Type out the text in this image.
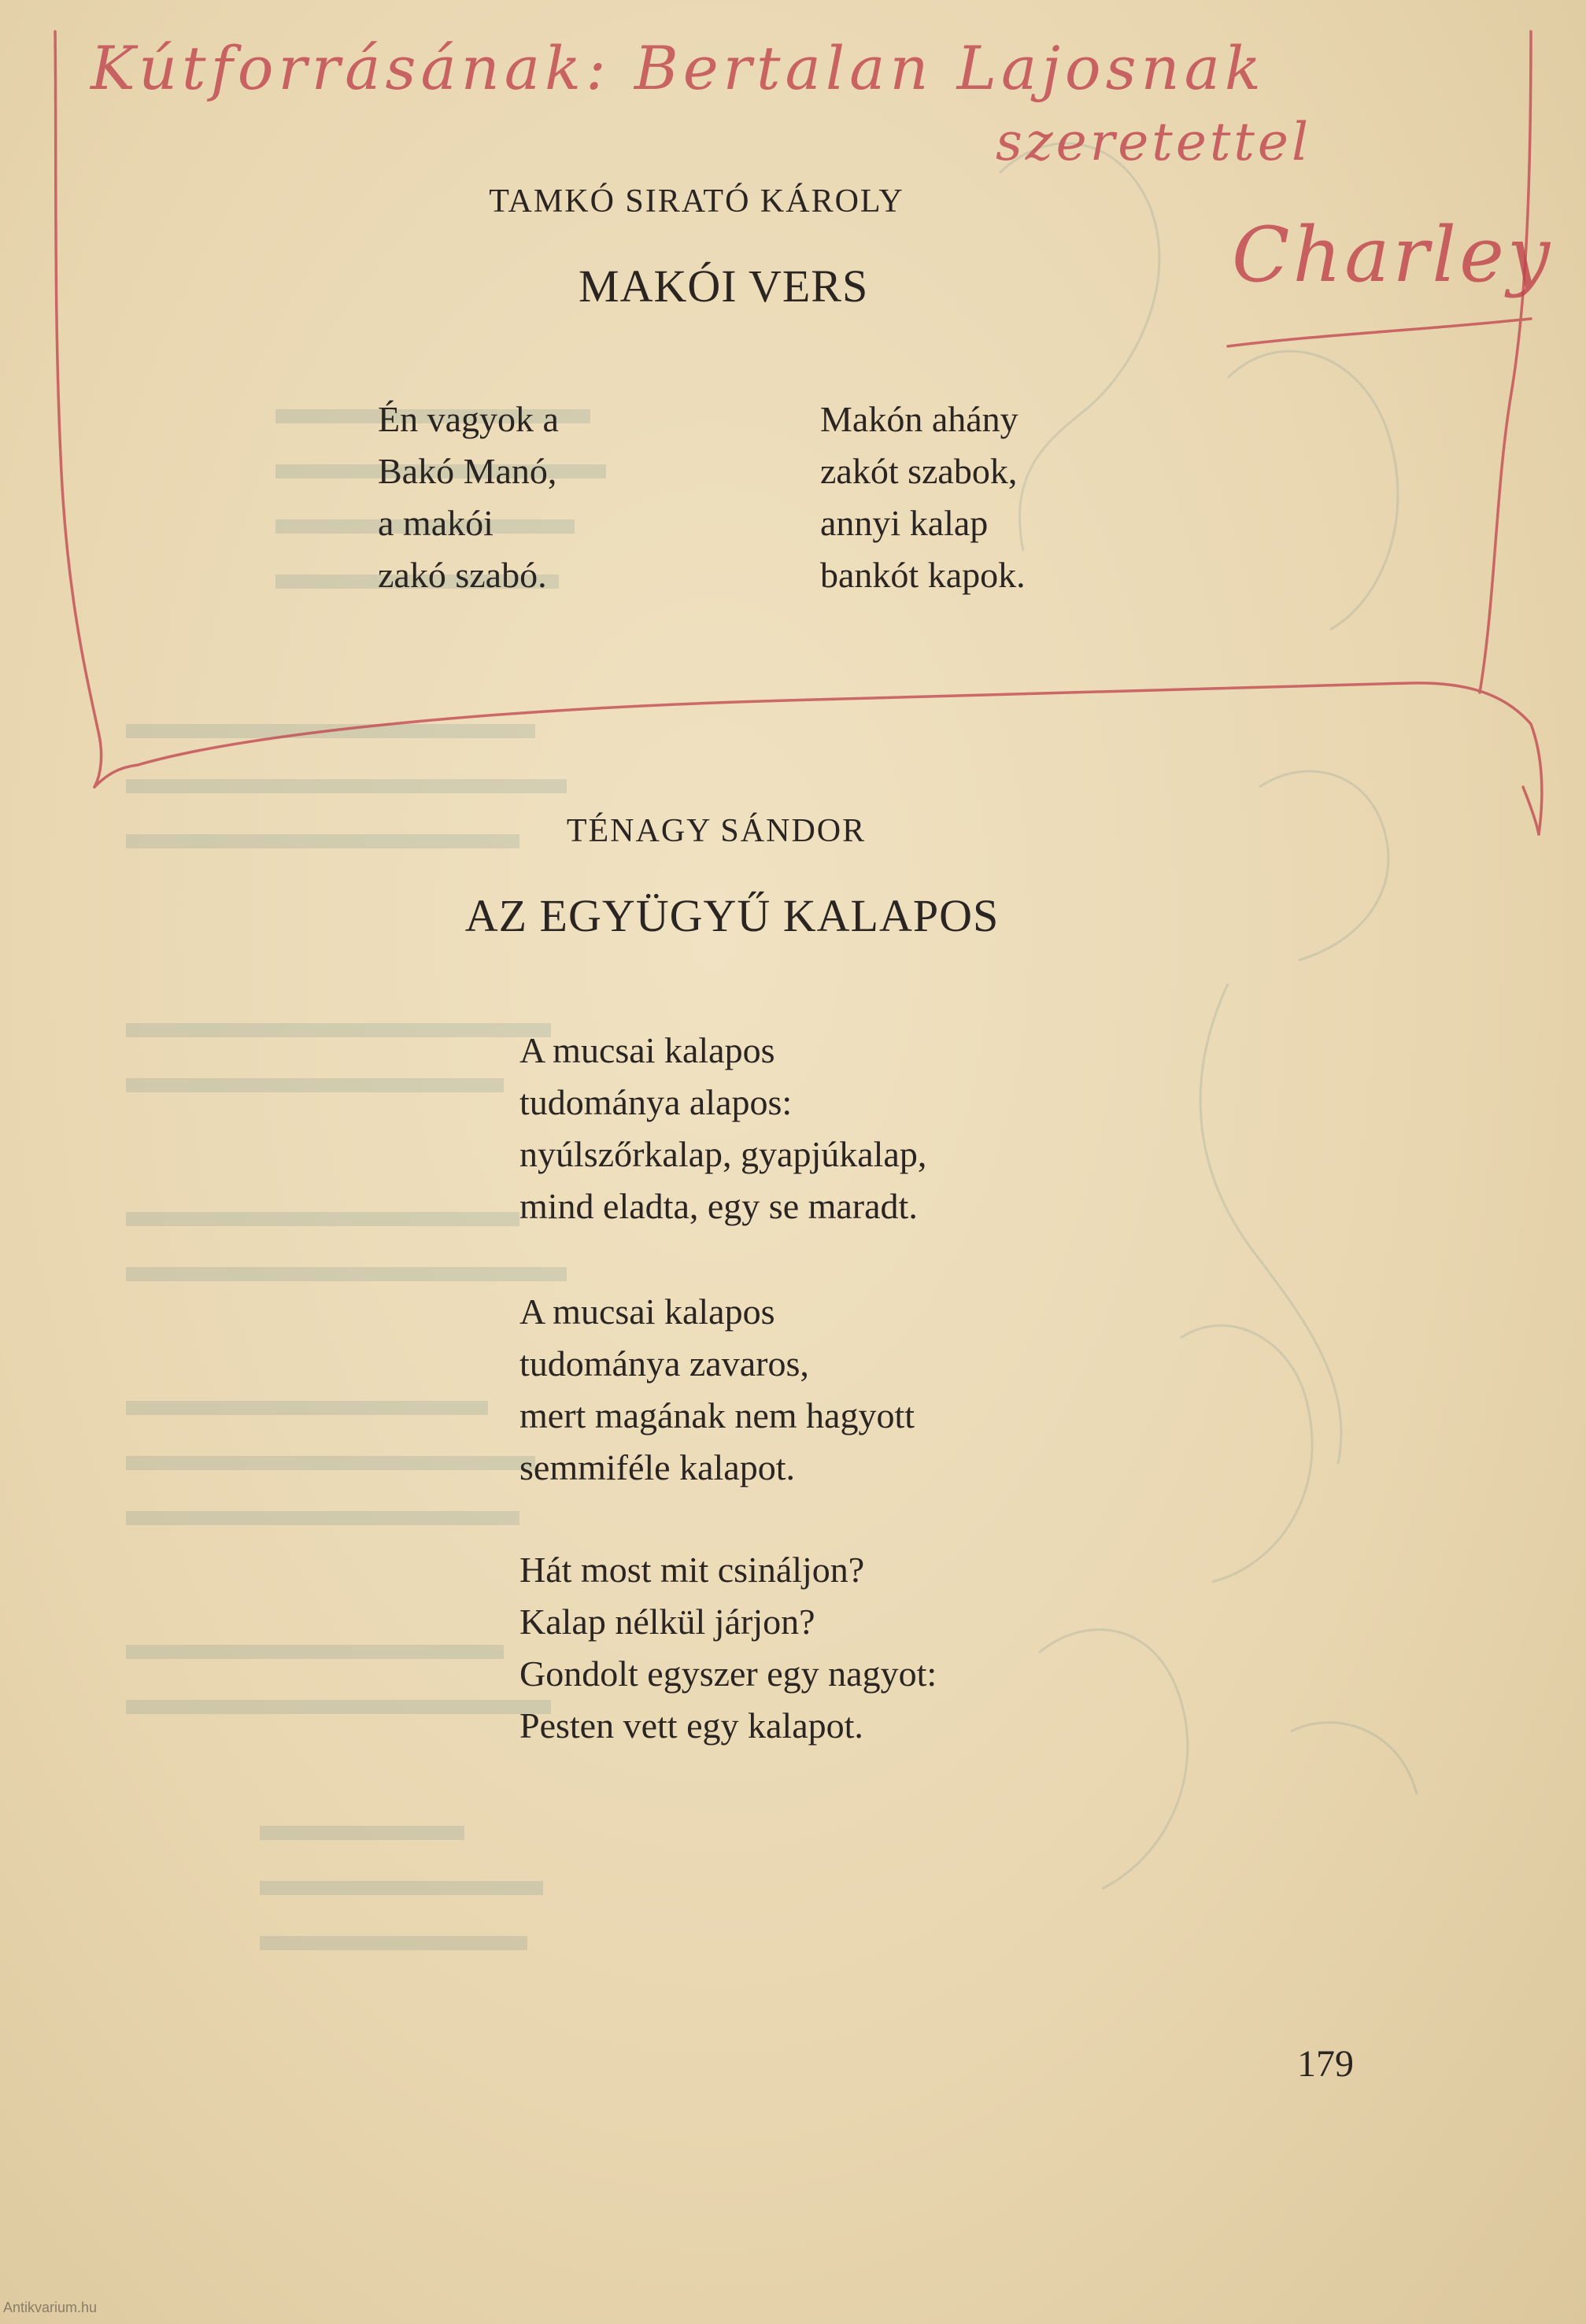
Kútforrásának: Bertalan Lajosnak
szeretettel
Charley
TAMKÓ SIRATÓ KÁROLY
MAKÓI VERS
Én vagyok a
Bakó Manó,
a makói
zakó szabó.
Makón ahány
zakót szabok,
annyi kalap
bankót kapok.
TÉNAGY SÁNDOR
AZ EGYÜGYŰ KALAPOS
A mucsai kalapos
tudománya alapos:
nyúlszőrkalap, gyapjúkalap,
mind eladta, egy se maradt.
A mucsai kalapos
tudománya zavaros,
mert magának nem hagyott
semmiféle kalapot.
Hát most mit csináljon?
Kalap nélkül járjon?
Gondolt egyszer egy nagyot:
Pesten vett egy kalapot.
179
Antikvarium.hu
